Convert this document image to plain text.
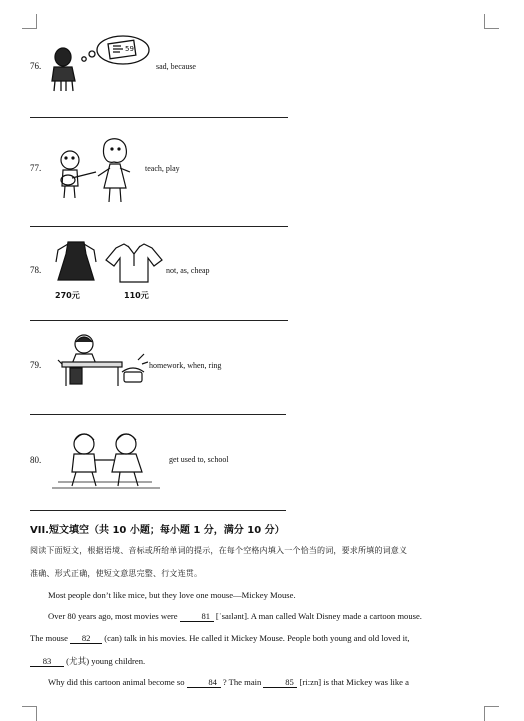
76.
59
sad, because
77.	teach, play
78.
270元	110元
not, as, cheap
79.	homework, when, ring
80.	get used to, school
VII.短文填空（共 10 小题；每小题 1 分，满分 10 分）
阅读下面短文，根据语境、音标或所给单词的提示，在每个空格内填入一个恰当的词，要求所填的词意义
准确、形式正确，使短文意思完整、行文连贯。
Most people don’t like mice, but they love one mouse—Mickey Mouse.
Over 80 years ago, most movies were	81 [ˈsaɪlənt]. A man called Walt Disney made a cartoon mouse.
The mouse 82 (can) talk in his movies. He called it Mickey Mouse. People both young and old loved it,
83 (尤其) young children.
Why did this cartoon animal become so	84 ? The main	85 [ri:zn] is that Mickey was like a
